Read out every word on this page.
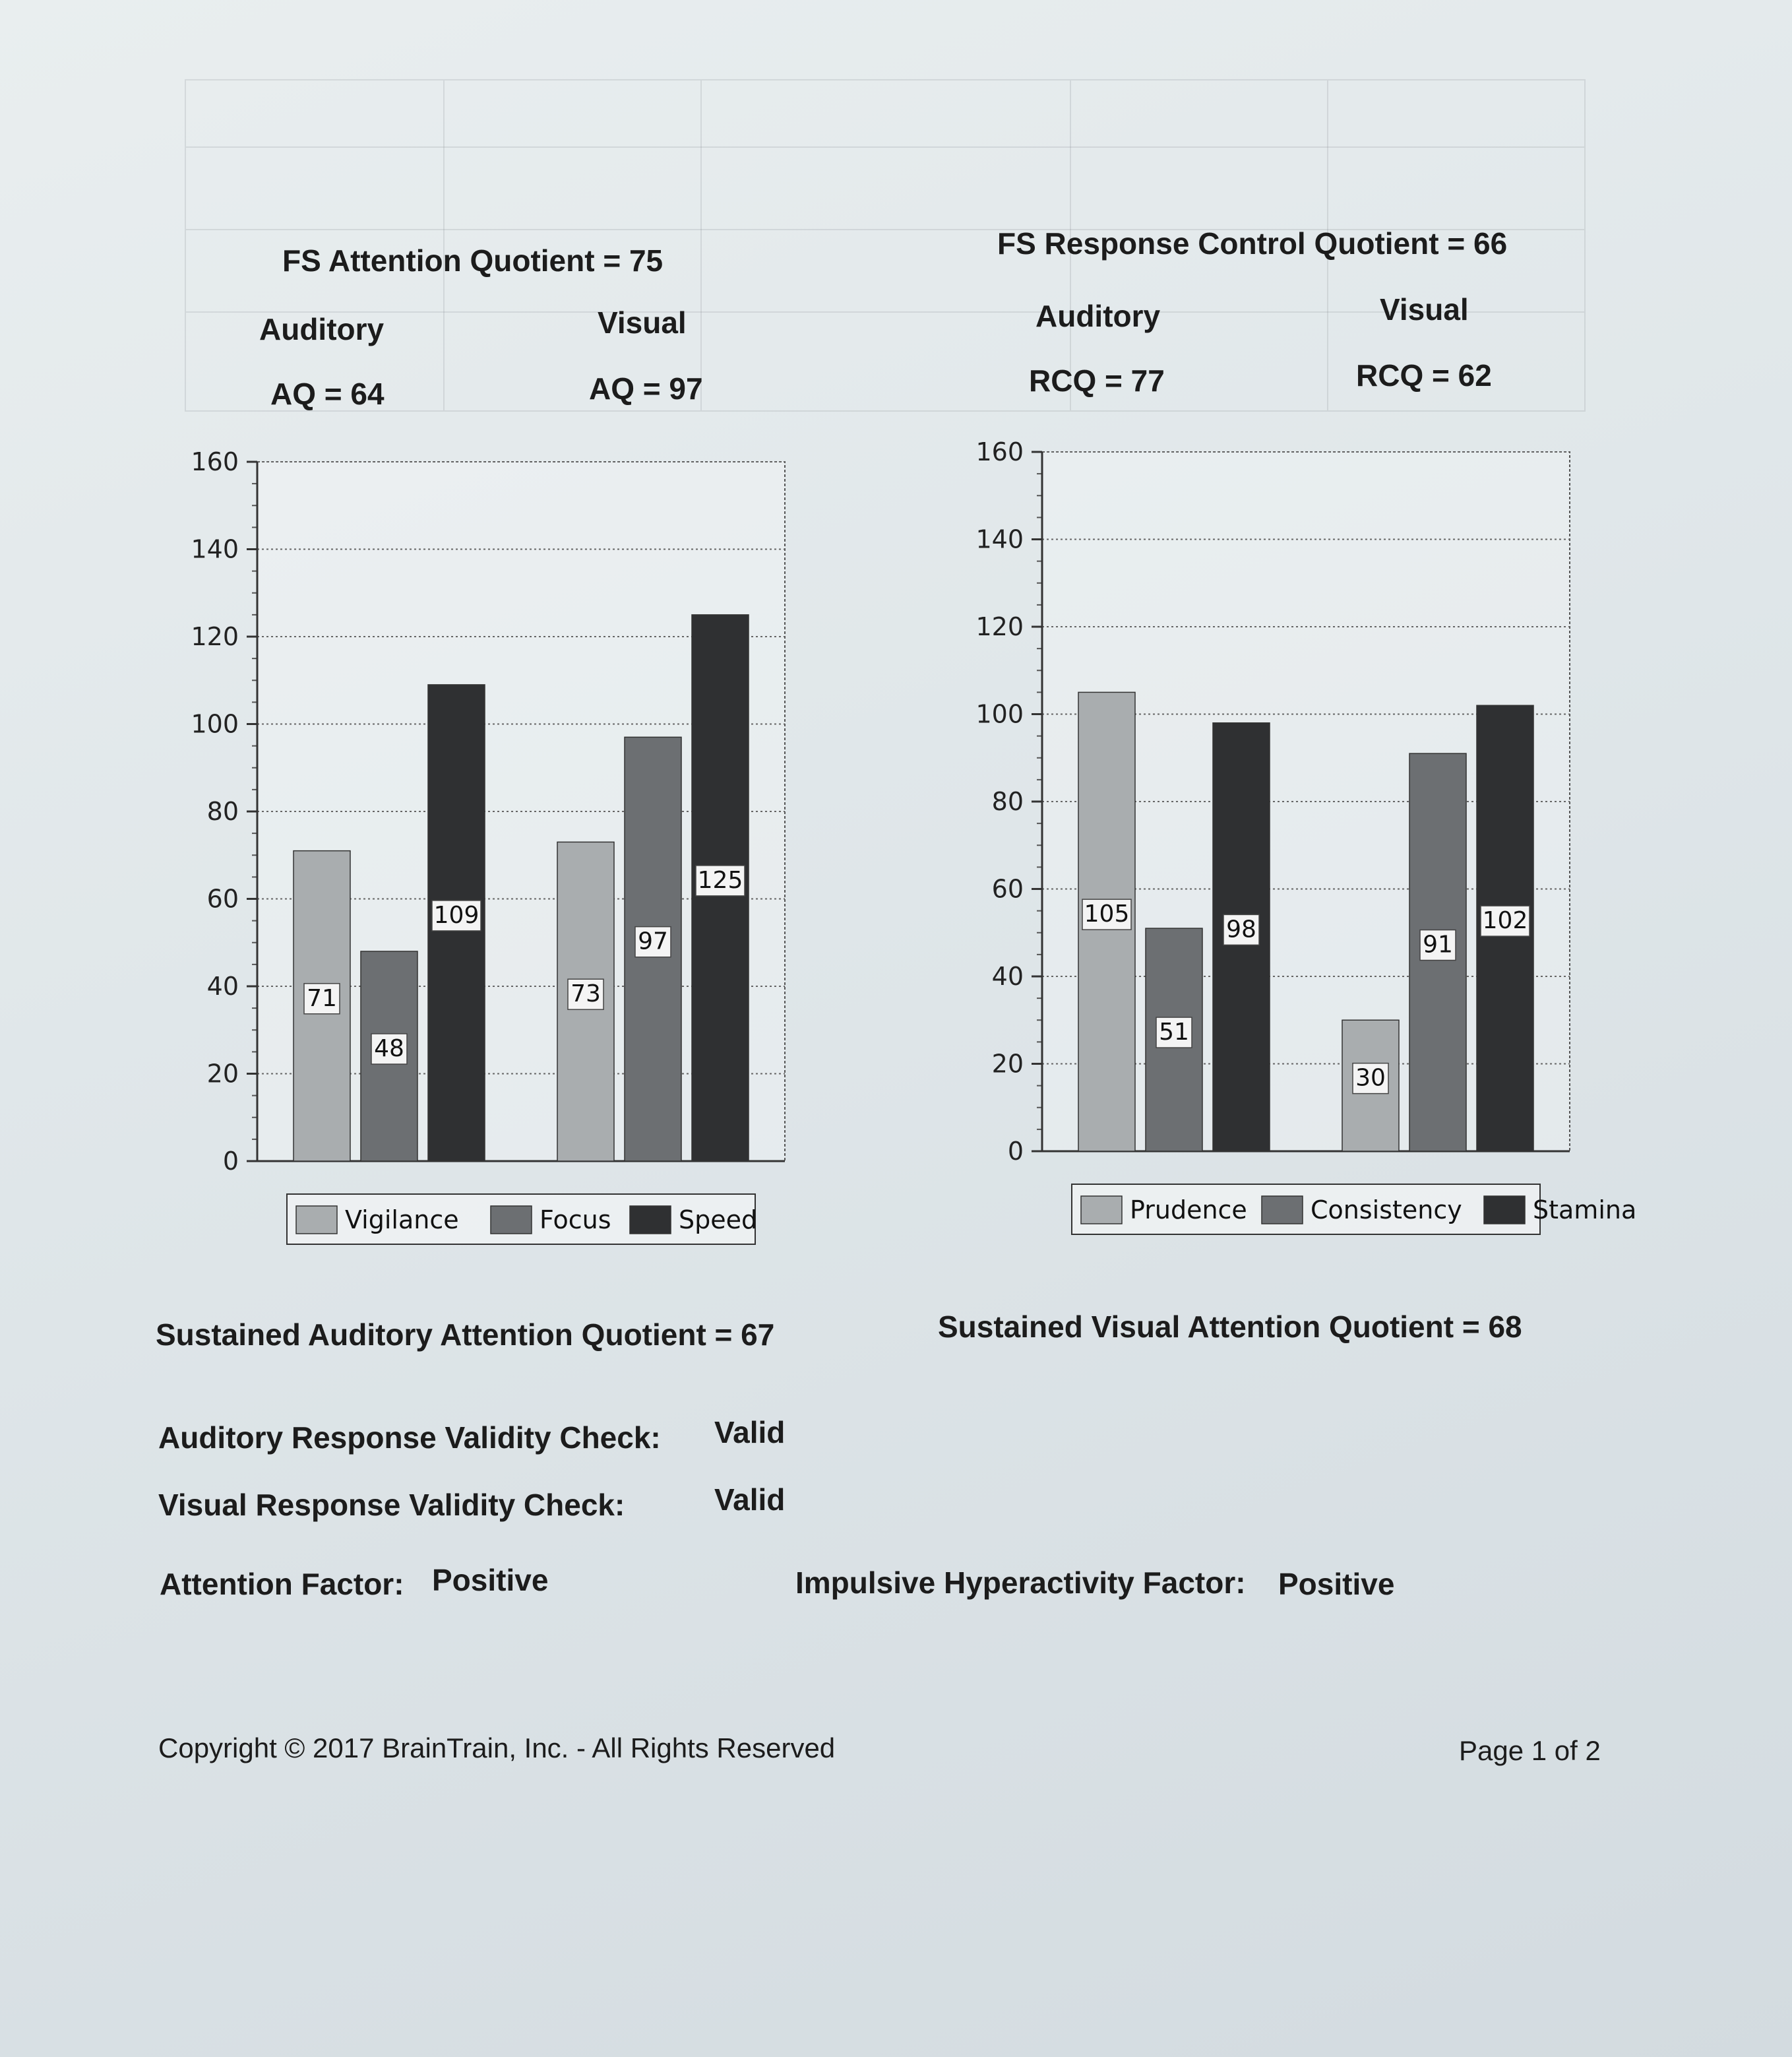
FS Attention Quotient = 75
Auditory	Visual
AQ = 64	AQ = 97
FS Response Control Quotient = 66
Auditory	Visual
RCQ = 77	RCQ = 62
0
20
40
60
80
100
120
140
160
71
48
109
73
97
125
Vigilance	Focus	Speed
0
20
40
60
80
100
120
140
160
105
51
98
30
91
102
Prudence	Consistency	Stamina
Sustained Auditory Attention Quotient = 67	Sustained Visual Attention Quotient = 68
Auditory Response Validity Check: Valid
Visual Response Validity Check:	Valid
Attention Factor: Positive	Impulsive Hyperactivity Factor: Positive
Copyright © 2017 BrainTrain, Inc. - All Rights Reserved	Page 1 of 2
